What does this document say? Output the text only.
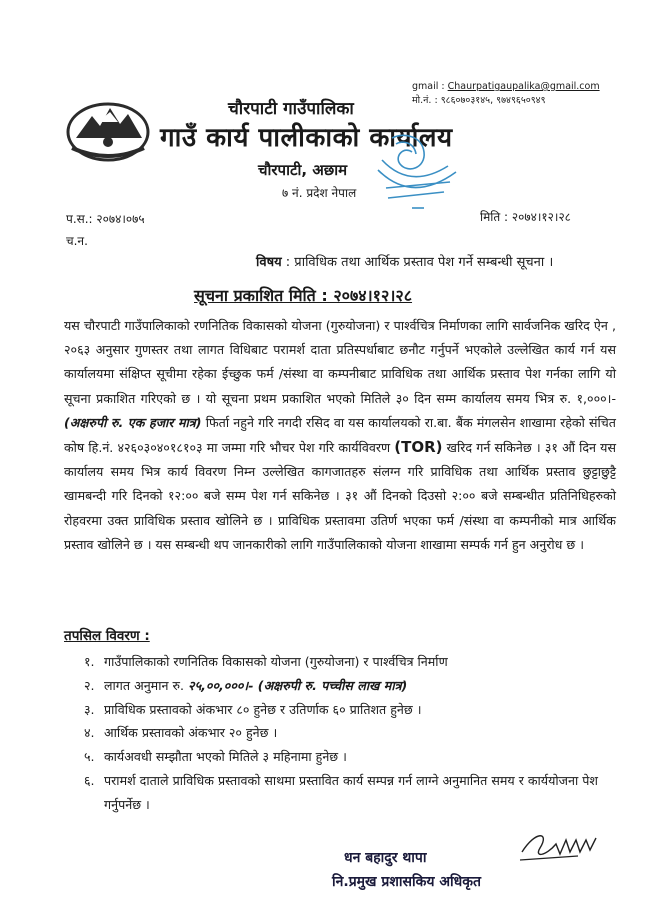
gmail : Chaurpatigaupalika@gmail.com
मो.नं. : ९८६०७०३१४५, ९७४९६५०९४९
चौरपाटी गाउँपालिका
गाउँ कार्य पालीकाको कार्यालय
चौरपाटी, अछाम
७ नं. प्रदेश नेपाल
प.स.: २०७४।०७५
च.न.
मिति : २०७४।१२।२८
विषय : प्राविधिक तथा आर्थिक प्रस्ताव पेश गर्ने सम्बन्धी सूचना ।
सूचना प्रकाशित मिति : २०७४।१२।२८
यस चौरपाटी गाउँपालिकाको रणनितिक विकासको योजना (गुरुयोजना) र पार्श्वचित्र निर्माणका लागि सार्वजनिक खरिद ऐन , २०६३ अनुसार गुणस्तर तथा लागत विधिबाट परामर्श दाता प्रतिस्पर्धाबाट छनौट गर्नुपर्ने भएकोले उल्लेखित कार्य गर्न यस कार्यालयमा संक्षिप्त सूचीमा रहेका ईच्छुक फर्म /संस्था वा कम्पनीबाट प्राविधिक तथा आर्थिक प्रस्ताव पेश गर्नका लागि यो सूचना प्रकाशित गरिएको छ । यो सूचना प्रथम प्रकाशित भएको मितिले ३० दिन सम्म कार्यालय समय भित्र रु. १,०००।- (अक्षरुपी रु. एक हजार मात्र) फिर्ता नहुने गरि नगदी रसिद वा यस कार्यालयको रा.बा. बैंक मंगलसेन शाखामा रहेको संचित कोष हि.नं. ४२६०३०४०१८१०३ मा जम्मा गरि भौचर पेश गरि कार्यविवरण (TOR) खरिद गर्न सकिनेछ । ३१ औं दिन यस कार्यालय समय भित्र कार्य विवरण निम्न उल्लेखित कागजातहरु संलग्न गरि प्राविधिक तथा आर्थिक प्रस्ताव छुट्टाछुट्टै खामबन्दी गरि दिनको १२:०० बजे सम्म पेश गर्न सकिनेछ । ३१ औं दिनको दिउसो २:०० बजे सम्बन्धीत प्रतिनिधिहरुको रोहवरमा उक्त प्राविधिक प्रस्ताव खोलिने छ । प्राविधिक प्रस्तावमा उतिर्ण भएका फर्म /संस्था वा कम्पनीको मात्र आर्थिक प्रस्ताव खोलिने छ । यस सम्बन्धी थप जानकारीको लागि गाउँपालिकाको योजना शाखामा सम्पर्क गर्न हुन अनुरोध छ ।
तपसिल विवरण :
१. गाउँपालिकाको रणनितिक विकासको योजना (गुरुयोजना) र पार्श्वचित्र निर्माण
२. लागत अनुमान रु. २५,००,०००।- (अक्षरुपी रु. पच्चीस लाख मात्र)
३. प्राविधिक प्रस्तावको अंकभार ८० हुनेछ र उतिर्णाक ६० प्रातिशत हुनेछ ।
४. आर्थिक प्रस्तावको अंकभार २० हुनेछ ।
५. कार्यअवधी सम्झौता भएको मितिले ३ महिनामा हुनेछ ।
६. परामर्श दाताले प्राविधिक प्रस्तावको साथमा प्रस्तावित कार्य सम्पन्न गर्न लाग्ने अनुमानित समय र कार्ययोजना पेश गर्नुपर्नेछ ।
धन बहादुर थापा
नि.प्रमुख प्रशासकिय अधिकृत
